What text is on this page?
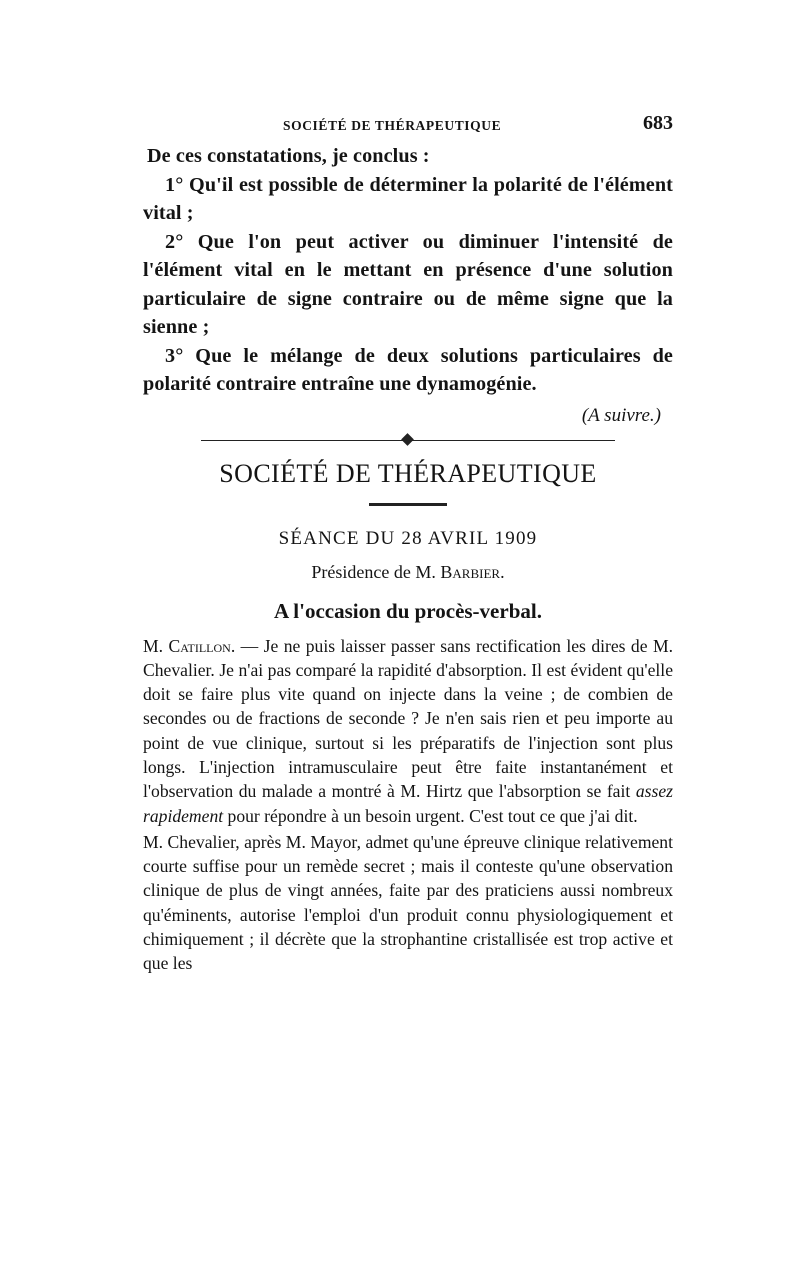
SOCIÉTÉ DE THÉRAPEUTIQUE	683

De ces constatations, je conclus :

1° Qu'il est possible de déterminer la polarité de l'élément vital ;

2° Que l'on peut activer ou diminuer l'intensité de l'élément vital en le mettant en présence d'une solution particulaire de signe contraire ou de même signe que la sienne ;

3° Que le mélange de deux solutions particulaires de polarité contraire entraîne une dynamogénie.

(A suivre.)
SOCIÉTÉ DE THÉRAPEUTIQUE
SÉANCE DU 28 AVRIL 1909
Présidence de M. Barbier.
A l'occasion du procès-verbal.

M. Catillon. — Je ne puis laisser passer sans rectification les dires de M. Chevalier. Je n'ai pas comparé la rapidité d'absorption. Il est évident qu'elle doit se faire plus vite quand on injecte dans la veine ; de combien de secondes ou de fractions de seconde ? Je n'en sais rien et peu importe au point de vue clinique, surtout si les préparatifs de l'injection sont plus longs. L'injection intramusculaire peut être faite instantanément et l'observation du malade a montré à M. Hirtz que l'absorption se fait assez rapidement pour répondre à un besoin urgent. C'est tout ce que j'ai dit.

M. Chevalier, après M. Mayor, admet qu'une épreuve clinique relativement courte suffise pour un remède secret ; mais il conteste qu'une observation clinique de plus de vingt années, faite par des praticiens aussi nombreux qu'éminents, autorise l'emploi d'un produit connu physiologiquement et chimiquement ; il décrète que la strophantine cristallisée est trop active et que les
